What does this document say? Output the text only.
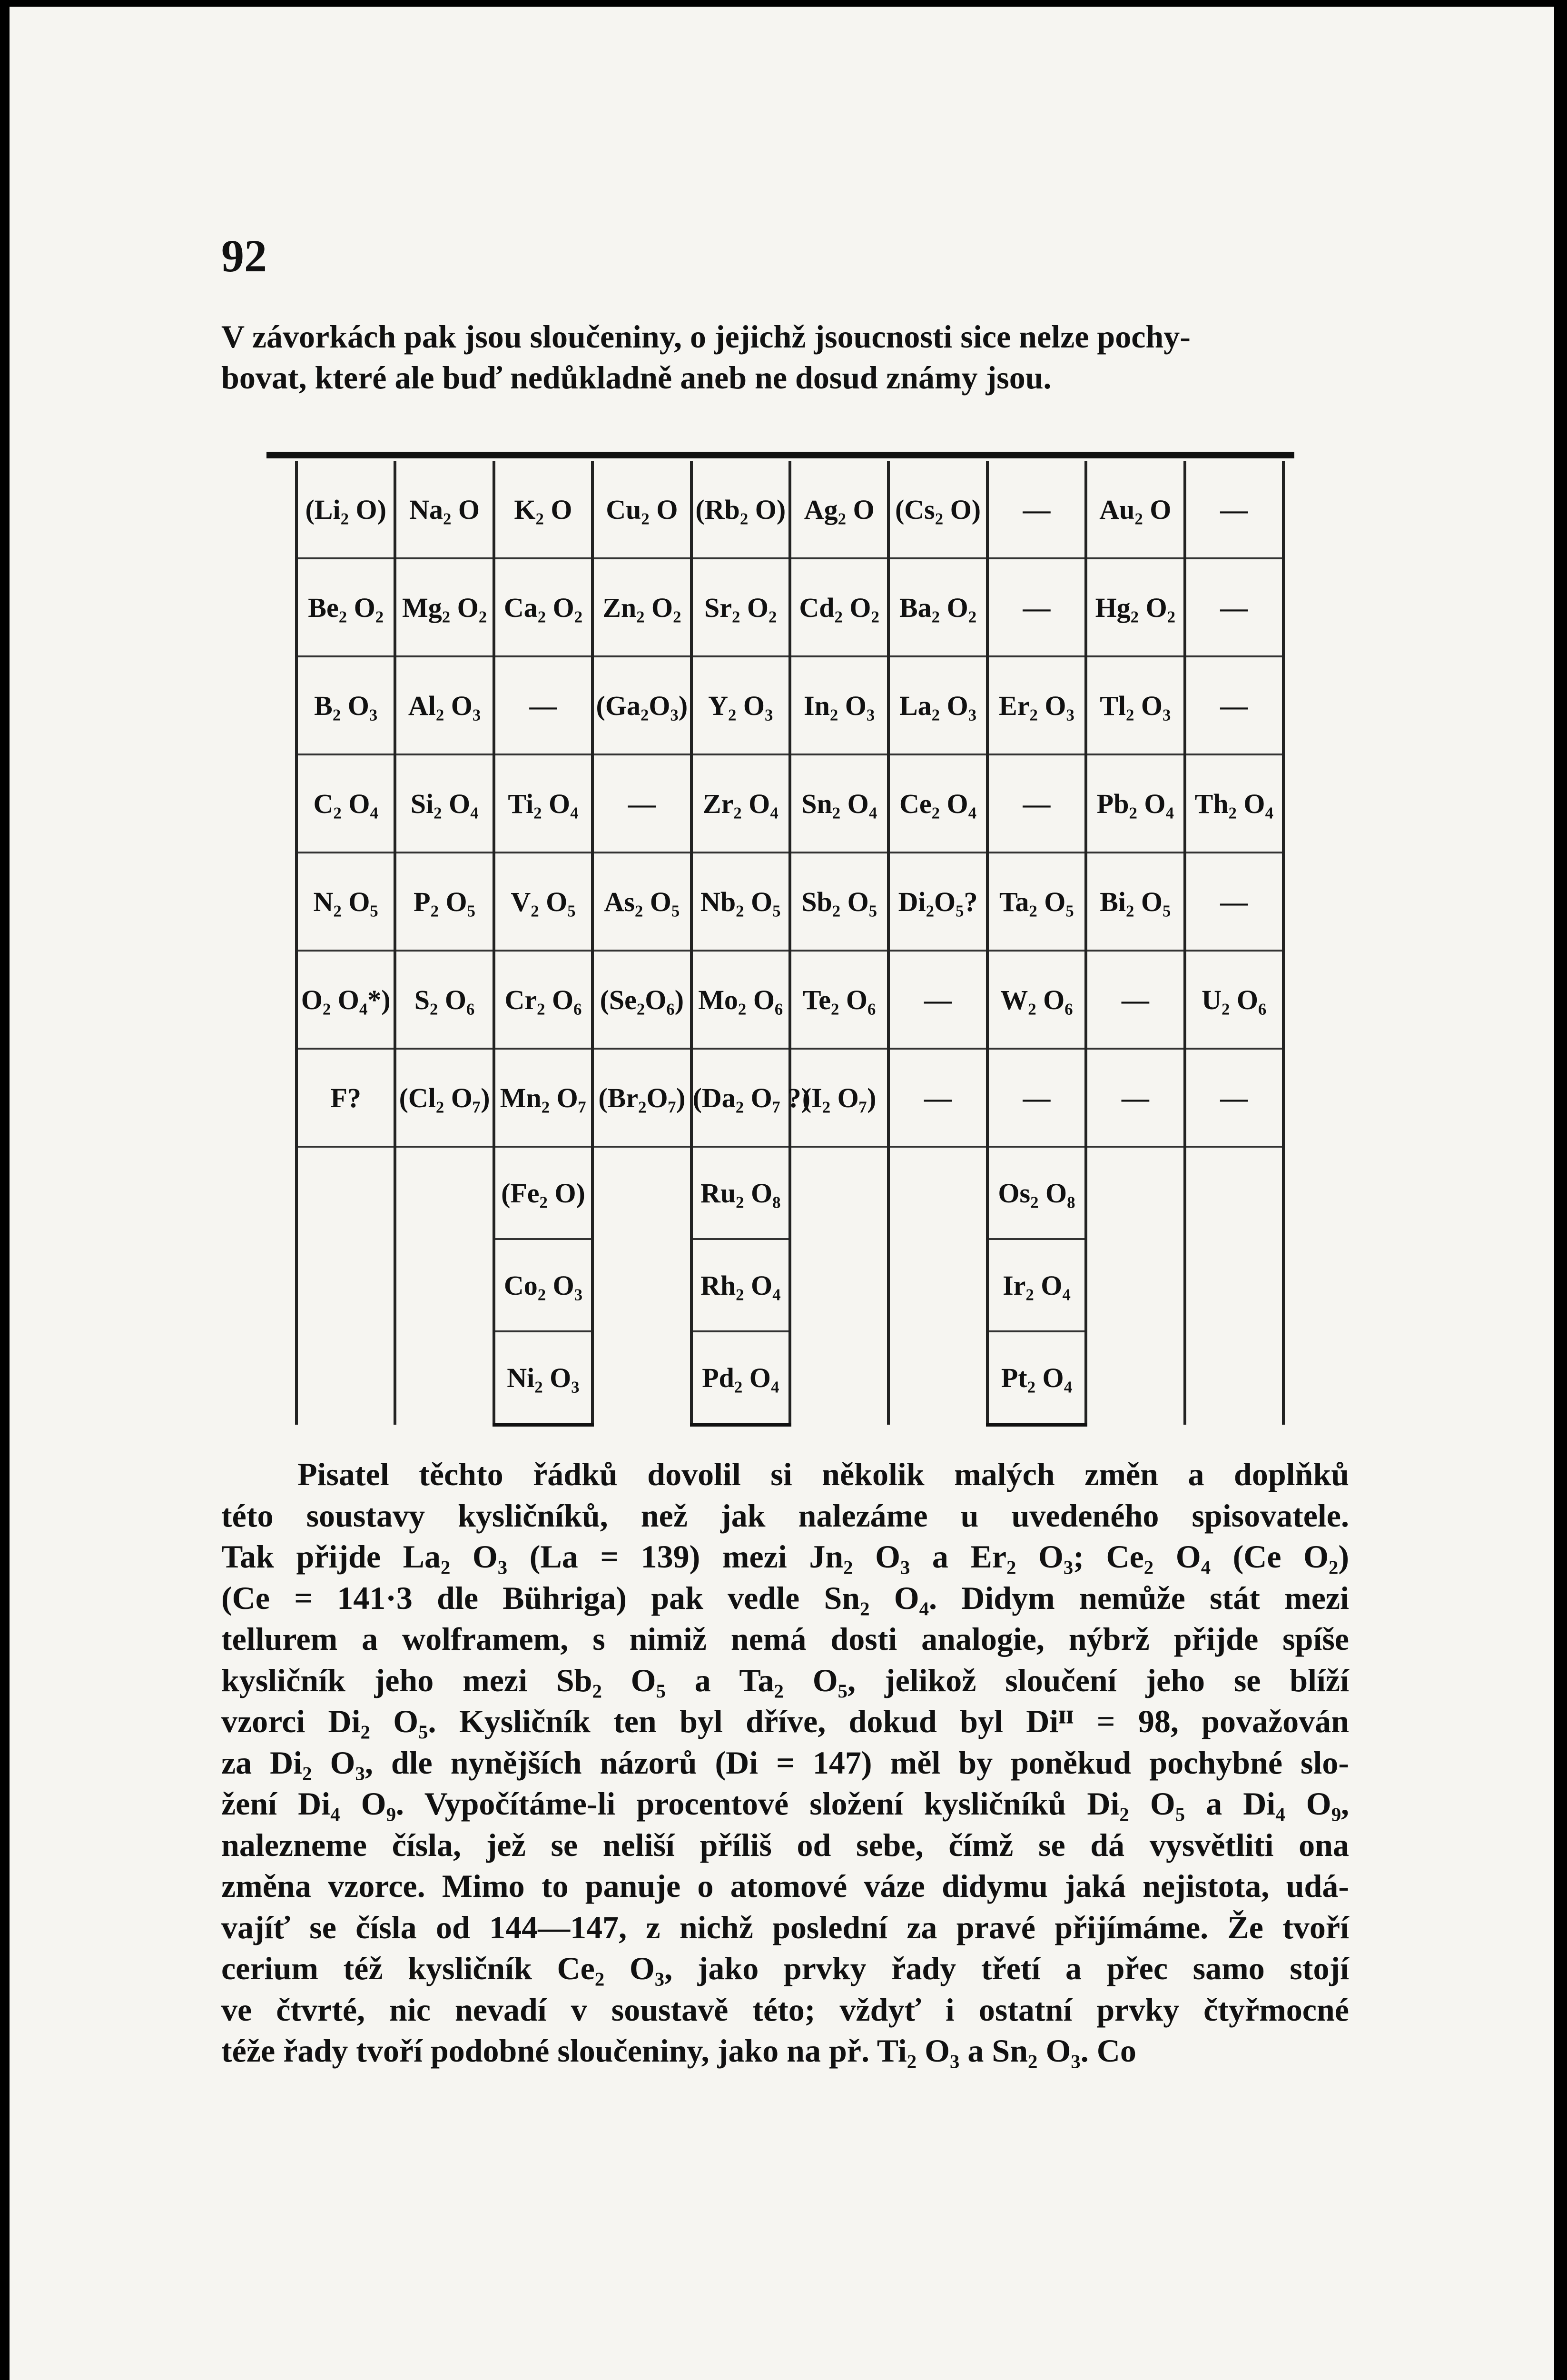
92
V závorkách pak jsou sloučeniny, o jejichž jsoucnosti sice nelze pochy-
bovat, které ale buď nedůkladně aneb ne dosud známy jsou.
(Li₂ O)	Na₂ O	K₂ O	Cu₂ O	(Rb₂ O)	Ag₂ O	(Cs₂ O)	—	Au₂ O	—
Be₂ O₂	Mg₂ O₂	Ca₂ O₂	Zn₂ O₂	Sr₂ O₂	Cd₂ O₂	Ba₂ O₂	—	Hg₂ O₂	—
B₂ O₃	Al₂ O₃	—	(Ga₂O₃)	Y₂ O₃	In₂ O₃	La₂ O₃	Er₂ O₃	Tl₂ O₃	—
C₂ O₄	Si₂ O₄	Ti₂ O₄	—	Zr₂ O₄	Sn₂ O₄	Ce₂ O₄	—	Pb₂ O₄	Th₂ O₄
N₂ O₅	P₂ O₅	V₂ O₅	As₂ O₅	Nb₂ O₅	Sb₂ O₅	Di₂O₅?	Ta₂ O₅	Bi₂ O₅	—
O₂ O₄*)	S₂ O₆	Cr₂ O₆	(Se₂O₆)	Mo₂ O₆	Te₂ O₆	—	W₂ O₆	—	U₂ O₆
F?	(Cl₂ O₇)	Mn₂ O₇	(Br₂O₇)	(Da₂ O₇ ?)	(I₂ O₇)	—	—	—	—
		(Fe₂ O)		Ru₂ O₈			Os₂ O₈		
		Co₂ O₃		Rh₂ O₄			Ir₂ O₄		
		Ni₂ O₃		Pd₂ O₄			Pt₂ O₄		
Pisatel těchto řádků dovolil si několik malých změn a doplňků
této soustavy kysličníků, než jak nalezáme u uvedeného spisovatele.
Tak přijde La₂ O₃ (La = 139) mezi Jn₂ O₃ a Er₂ O₃; Ce₂ O₄ (Ce O₂)
(Ce = 141·3 dle Bühriga) pak vedle Sn₂ O₄. Didym nemůže stát mezi
tellurem a wolframem, s nimiž nemá dosti analogie, nýbrž přijde spíše
kysličník jeho mezi Sb₂ O₅ a Ta₂ O₅, jelikož sloučení jeho se blíží
vzorci Di₂ O₅. Kysličník ten byl dříve, dokud byl Diᴵᴵ = 98, považován
za Di₂ O₃, dle nynějších názorů (Di = 147) měl by poněkud pochybné slo-
žení Di₄ O₉. Vypočítáme-li procentové složení kysličníků Di₂ O₅ a Di₄ O₉,
nalezneme čísla, jež se neliší příliš od sebe, čímž se dá vysvětliti ona
změna vzorce. Mimo to panuje o atomové váze didymu jaká nejistota, udá-
vajíť se čísla od 144—147, z nichž poslední za pravé přijímáme. Že tvoří
cerium též kysličník Ce₂ O₃, jako prvky řady třetí a přec samo stojí
ve čtvrté, nic nevadí v soustavě této; vždyť i ostatní prvky čtyřmocné
téže řady tvoří podobné sloučeniny, jako na př. Ti₂ O₃ a Sn₂ O₃. Co
